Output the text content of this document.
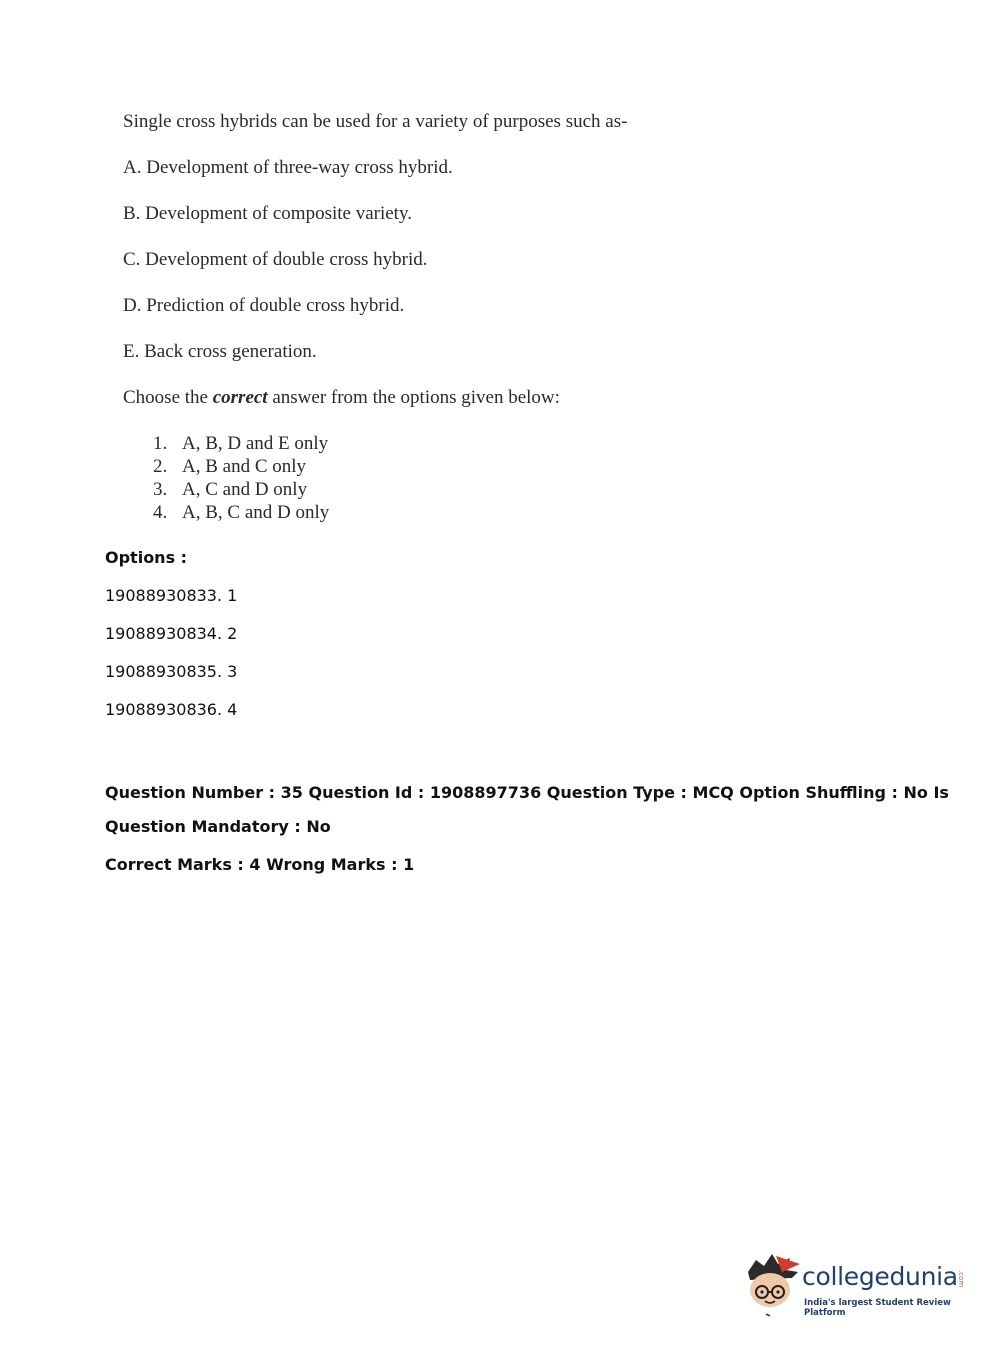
Single cross hybrids can be used for a variety of purposes such as-
A. Development of three-way cross hybrid.
B. Development of composite variety.
C. Development of double cross hybrid.
D. Prediction of double cross hybrid.
E. Back cross generation.
Choose the correct answer from the options given below:
1. A, B, D and E only
2. A, B and C only
3. A, C and D only
4. A, B, C and D only
Options :
19088930833. 1
19088930834. 2
19088930835. 3
19088930836. 4
Question Number : 35 Question Id : 1908897736 Question Type : MCQ Option Shuffling : No Is
Question Mandatory : No
Correct Marks : 4 Wrong Marks : 1
collegedunia .com
India's largest Student Review Platform
